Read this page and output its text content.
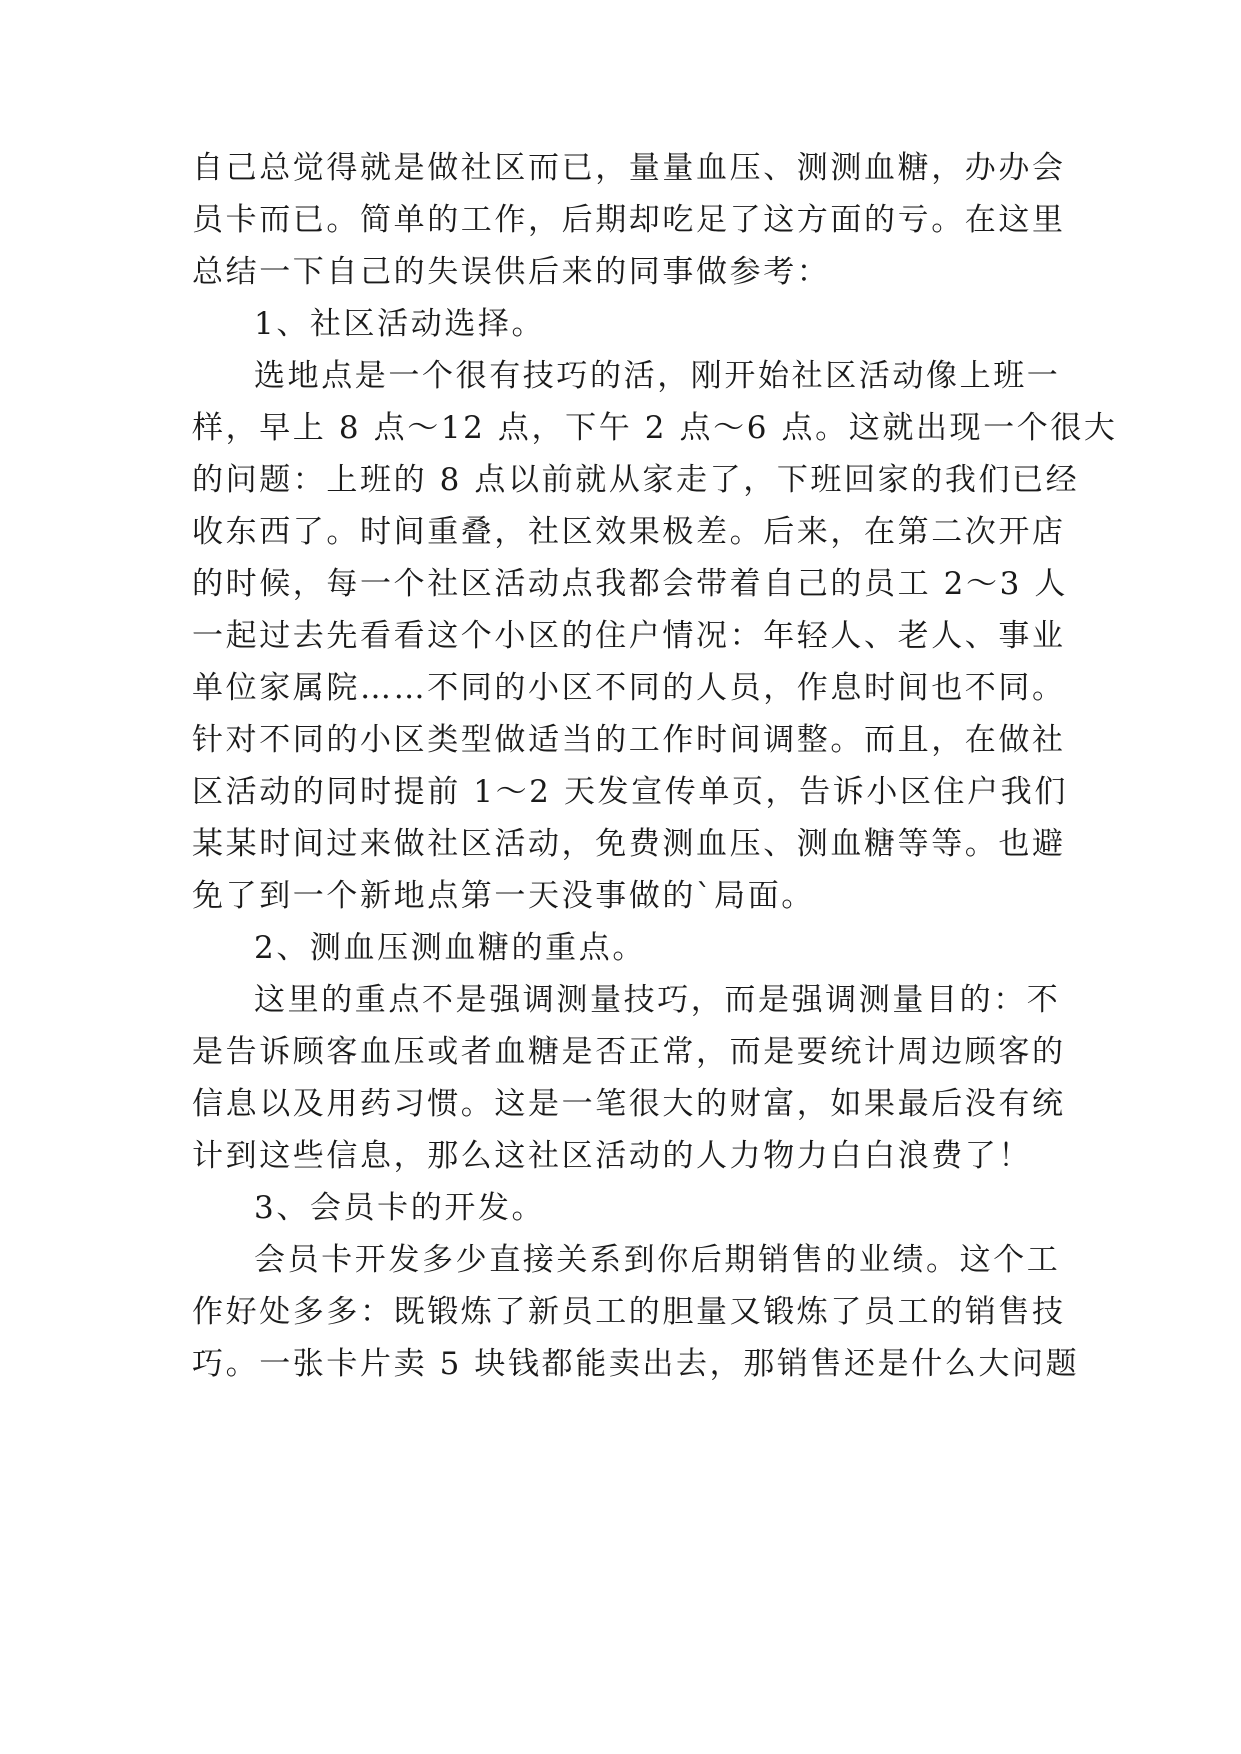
自己总觉得就是做社区而已，量量血压、测测血糖，办办会
员卡而已。简单的工作，后期却吃足了这方面的亏。在这里
总结一下自己的失误供后来的同事做参考：
1、社区活动选择。
选地点是一个很有技巧的活，刚开始社区活动像上班一
样，早上 8 点～12 点，下午 2 点～6 点。这就出现一个很大
的问题：上班的 8 点以前就从家走了，下班回家的我们已经
收东西了。时间重叠，社区效果极差。后来，在第二次开店
的时候，每一个社区活动点我都会带着自己的员工 2～3 人
一起过去先看看这个小区的住户情况：年轻人、老人、事业
单位家属院……不同的小区不同的人员，作息时间也不同。
针对不同的小区类型做适当的工作时间调整。而且，在做社
区活动的同时提前 1～2 天发宣传单页，告诉小区住户我们
某某时间过来做社区活动，免费测血压、测血糖等等。也避
免了到一个新地点第一天没事做的`局面。
2、测血压测血糖的重点。
这里的重点不是强调测量技巧，而是强调测量目的：不
是告诉顾客血压或者血糖是否正常，而是要统计周边顾客的
信息以及用药习惯。这是一笔很大的财富，如果最后没有统
计到这些信息，那么这社区活动的人力物力白白浪费了！
3、会员卡的开发。
会员卡开发多少直接关系到你后期销售的业绩。这个工
作好处多多：既锻炼了新员工的胆量又锻炼了员工的销售技
巧。一张卡片卖 5 块钱都能卖出去，那销售还是什么大问题
